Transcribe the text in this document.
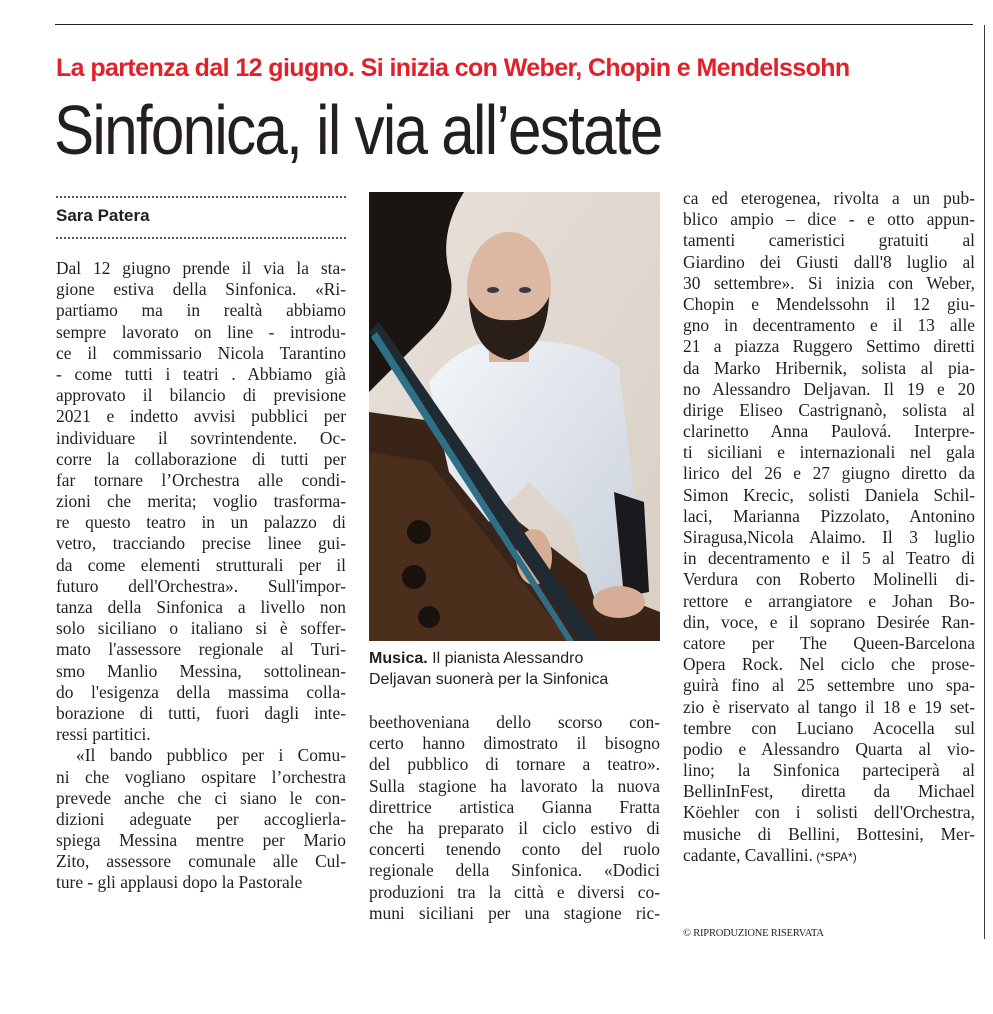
La partenza dal 12 giugno. Si inizia con Weber, Chopin e Mendelssohn
Sinfonica, il via all’estate
Sara Patera
Dal 12 giugno prende il via la sta-
gione estiva della Sinfonica. «Ri-
partiamo ma in realtà abbiamo
sempre lavorato on line - introdu-
ce il commissario Nicola Tarantino
- come tutti i teatri . Abbiamo già
approvato il bilancio di previsione
2021 e indetto avvisi pubblici per
individuare il sovrintendente. Oc-
corre la collaborazione di tutti per
far tornare l’Orchestra alle condi-
zioni che merita; voglio trasforma-
re questo teatro in un palazzo di
vetro, tracciando precise linee gui-
da come elementi strutturali per il
futuro dell'Orchestra». Sull'impor-
tanza della Sinfonica a livello non
solo siciliano o italiano si è soffer-
mato l'assessore regionale al Turi-
smo Manlio Messina, sottolinean-
do l'esigenza della massima colla-
borazione di tutti, fuori dagli inte-
ressi partitici.
«Il bando pubblico per i Comu-
ni che vogliano ospitare l’orchestra
prevede anche che ci siano le con-
dizioni adeguate per accoglierla-
spiega Messina mentre per Mario
Zito, assessore comunale alle Cul-
ture - gli applausi dopo la Pastorale
Musica. Il pianista Alessandro
Deljavan suonerà per la Sinfonica
beethoveniana dello scorso con-
certo hanno dimostrato il bisogno
del pubblico di tornare a teatro».
Sulla stagione ha lavorato la nuova
direttrice artistica Gianna Fratta
che ha preparato il ciclo estivo di
concerti tenendo conto del ruolo
regionale della Sinfonica. «Dodici
produzioni tra la città e diversi co-
muni siciliani per una stagione ric-
ca ed eterogenea, rivolta a un pub-
blico ampio – dice - e otto appun-
tamenti cameristici gratuiti al
Giardino dei Giusti dall'8 luglio al
30 settembre». Si inizia con Weber,
Chopin e Mendelssohn il 12 giu-
gno in decentramento e il 13 alle
21 a piazza Ruggero Settimo diretti
da Marko Hribernik, solista al pia-
no Alessandro Deljavan. Il 19 e 20
dirige Eliseo Castrignanò, solista al
clarinetto Anna Paulová. Interpre-
ti siciliani e internazionali nel gala
lirico del 26 e 27 giugno diretto da
Simon Krecic, solisti Daniela Schil-
laci, Marianna Pizzolato, Antonino
Siragusa,Nicola Alaimo. Il 3 luglio
in decentramento e il 5 al Teatro di
Verdura con Roberto Molinelli di-
rettore e arrangiatore e Johan Bo-
din, voce, e il soprano Desirée Ran-
catore per The Queen-Barcelona
Opera Rock. Nel ciclo che prose-
guirà fino al 25 settembre uno spa-
zio è riservato al tango il 18 e 19 set-
tembre con Luciano Acocella sul
podio e Alessandro Quarta al vio-
lino; la Sinfonica parteciperà al
BellinInFest, diretta da Michael
Köehler con i solisti dell'Orchestra,
musiche di Bellini, Bottesini, Mer-
cadante, Cavallini. (*SPA*)
© RIPRODUZIONE RISERVATA
